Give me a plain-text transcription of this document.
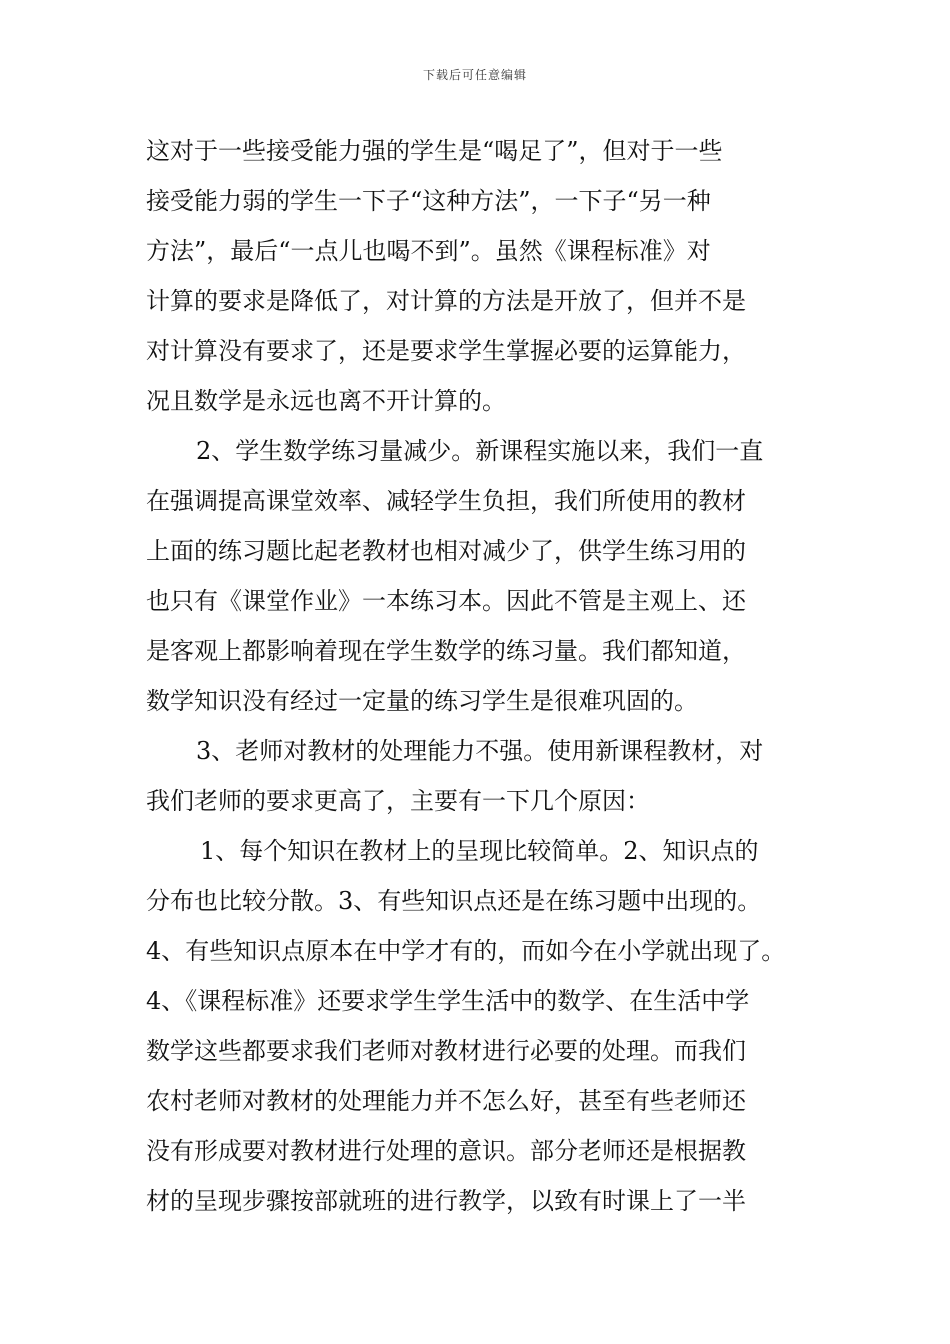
下载后可任意编辑
这对于一些接受能力强的学生是“喝足了”，但对于一些
接受能力弱的学生一下子“这种方法”，一下子“另一种
方法”，最后“一点儿也喝不到”。虽然《课程标准》对
计算的要求是降低了，对计算的方法是开放了，但并不是
对计算没有要求了，还是要求学生掌握必要的运算能力，
况且数学是永远也离不开计算的。
2、学生数学练习量减少。新课程实施以来，我们一直
在强调提高课堂效率、减轻学生负担，我们所使用的教材
上面的练习题比起老教材也相对减少了，供学生练习用的
也只有《课堂作业》一本练习本。因此不管是主观上、还
是客观上都影响着现在学生数学的练习量。我们都知道，
数学知识没有经过一定量的练习学生是很难巩固的。
3、老师对教材的处理能力不强。使用新课程教材，对
我们老师的要求更高了，主要有一下几个原因：
1、每个知识在教材上的呈现比较简单。2、知识点的
分布也比较分散。3、有些知识点还是在练习题中出现的。
4、有些知识点原本在中学才有的，而如今在小学就出现了。
4、《课程标准》还要求学生学生活中的数学、在生活中学
数学这些都要求我们老师对教材进行必要的处理。而我们
农村老师对教材的处理能力并不怎么好，甚至有些老师还
没有形成要对教材进行处理的意识。部分老师还是根据教
材的呈现步骤按部就班的进行教学，以致有时课上了一半
